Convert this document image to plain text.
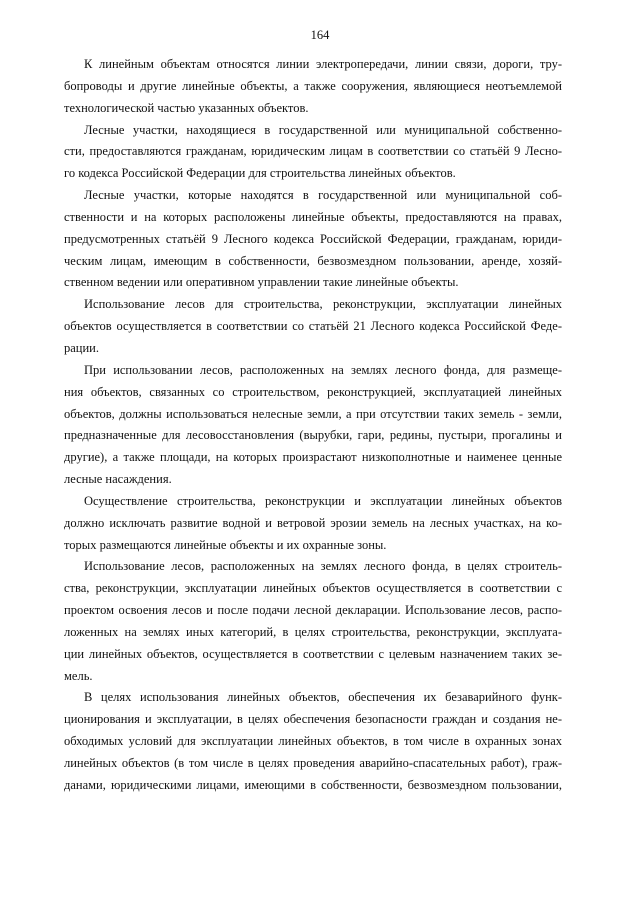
164
К линейным объектам относятся линии электропередачи, линии связи, дороги, тру-
бопроводы и другие линейные объекты, а также сооружения, являющиеся неотъемлемой
технологической частью указанных объектов.
Лесные участки, находящиеся в государственной или муниципальной собственно-
сти, предоставляются гражданам, юридическим лицам в соответствии со статьёй 9 Лесно-
го кодекса Российской Федерации для строительства линейных объектов.
Лесные участки, которые находятся в государственной или муниципальной соб-
ственности и на которых расположены линейные объекты, предоставляются на правах,
предусмотренных статьёй 9 Лесного кодекса Российской Федерации, гражданам, юриди-
ческим лицам, имеющим в собственности, безвозмездном пользовании, аренде, хозяй-
ственном ведении или оперативном управлении такие линейные объекты.
Использование лесов для строительства, реконструкции, эксплуатации линейных
объектов осуществляется в соответствии со статьёй 21 Лесного кодекса Российской Феде-
рации.
При использовании лесов, расположенных на землях лесного фонда, для размеще-
ния объектов, связанных со строительством, реконструкцией, эксплуатацией линейных
объектов, должны использоваться нелесные земли, а при отсутствии таких земель - земли,
предназначенные для лесовосстановления (вырубки, гари, редины, пустыри, прогалины и
другие), а также площади, на которых произрастают низкополнотные и наименее ценные
лесные насаждения.
Осуществление строительства, реконструкции и эксплуатации линейных объектов
должно исключать развитие водной и ветровой эрозии земель на лесных участках, на ко-
торых размещаются линейные объекты и их охранные зоны.
Использование лесов, расположенных на землях лесного фонда, в целях строитель-
ства, реконструкции, эксплуатации линейных объектов осуществляется в соответствии с
проектом освоения лесов и после подачи лесной декларации. Использование лесов, распо-
ложенных на землях иных категорий, в целях строительства, реконструкции, эксплуата-
ции линейных объектов, осуществляется в соответствии с целевым назначением таких зе-
мель.
В целях использования линейных объектов, обеспечения их безаварийного функ-
ционирования и эксплуатации, в целях обеспечения безопасности граждан и создания не-
обходимых условий для эксплуатации линейных объектов, в том числе в охранных зонах
линейных объектов (в том числе в целях проведения аварийно-спасательных работ), граж-
данами, юридическими лицами, имеющими в собственности, безвозмездном пользовании,
